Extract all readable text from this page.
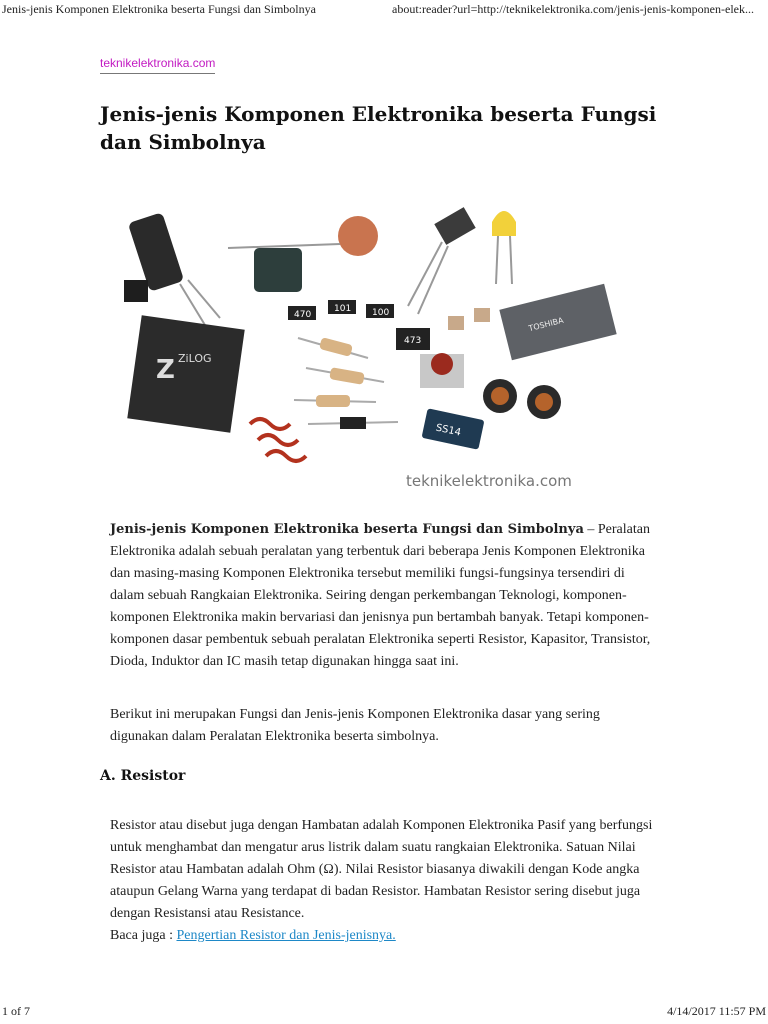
Jenis-jenis Komponen Elektronika beserta Fungsi dan Simbolnya	about:reader?url=http://teknikelektronika.com/jenis-jenis-komponen-elek...
teknikelektronika.com
Jenis-jenis Komponen Elektronika beserta Fungsi dan Simbolnya
Z ZiLOG
470
101 100
473
TOSHIBA
SS14
teknikelektronika.com

Jenis-jenis Komponen Elektronika beserta Fungsi dan Simbolnya – Peralatan Elektronika adalah sebuah peralatan yang terbentuk dari beberapa Jenis Komponen Elektronika dan masing-masing Komponen Elektronika tersebut memiliki fungsi-fungsinya tersendiri di dalam sebuah Rangkaian Elektronika. Seiring dengan perkembangan Teknologi, komponen-komponen Elektronika makin bervariasi dan jenisnya pun bertambah banyak. Tetapi komponen-komponen dasar pembentuk sebuah peralatan Elektronika seperti Resistor, Kapasitor, Transistor, Dioda, Induktor dan IC masih tetap digunakan hingga saat ini.

Berikut ini merupakan Fungsi dan Jenis-jenis Komponen Elektronika dasar yang sering digunakan dalam Peralatan Elektronika beserta simbolnya.

A. Resistor

Resistor atau disebut juga dengan Hambatan adalah Komponen Elektronika Pasif yang berfungsi untuk menghambat dan mengatur arus listrik dalam suatu rangkaian Elektronika. Satuan Nilai Resistor atau Hambatan adalah Ohm (Ω). Nilai Resistor biasanya diwakili dengan Kode angka ataupun Gelang Warna yang terdapat di badan Resistor. Hambatan Resistor sering disebut juga dengan Resistansi atau Resistance.
Baca juga : Pengertian Resistor dan Jenis-jenisnya.

1 of 7	4/14/2017 11:57 PM
